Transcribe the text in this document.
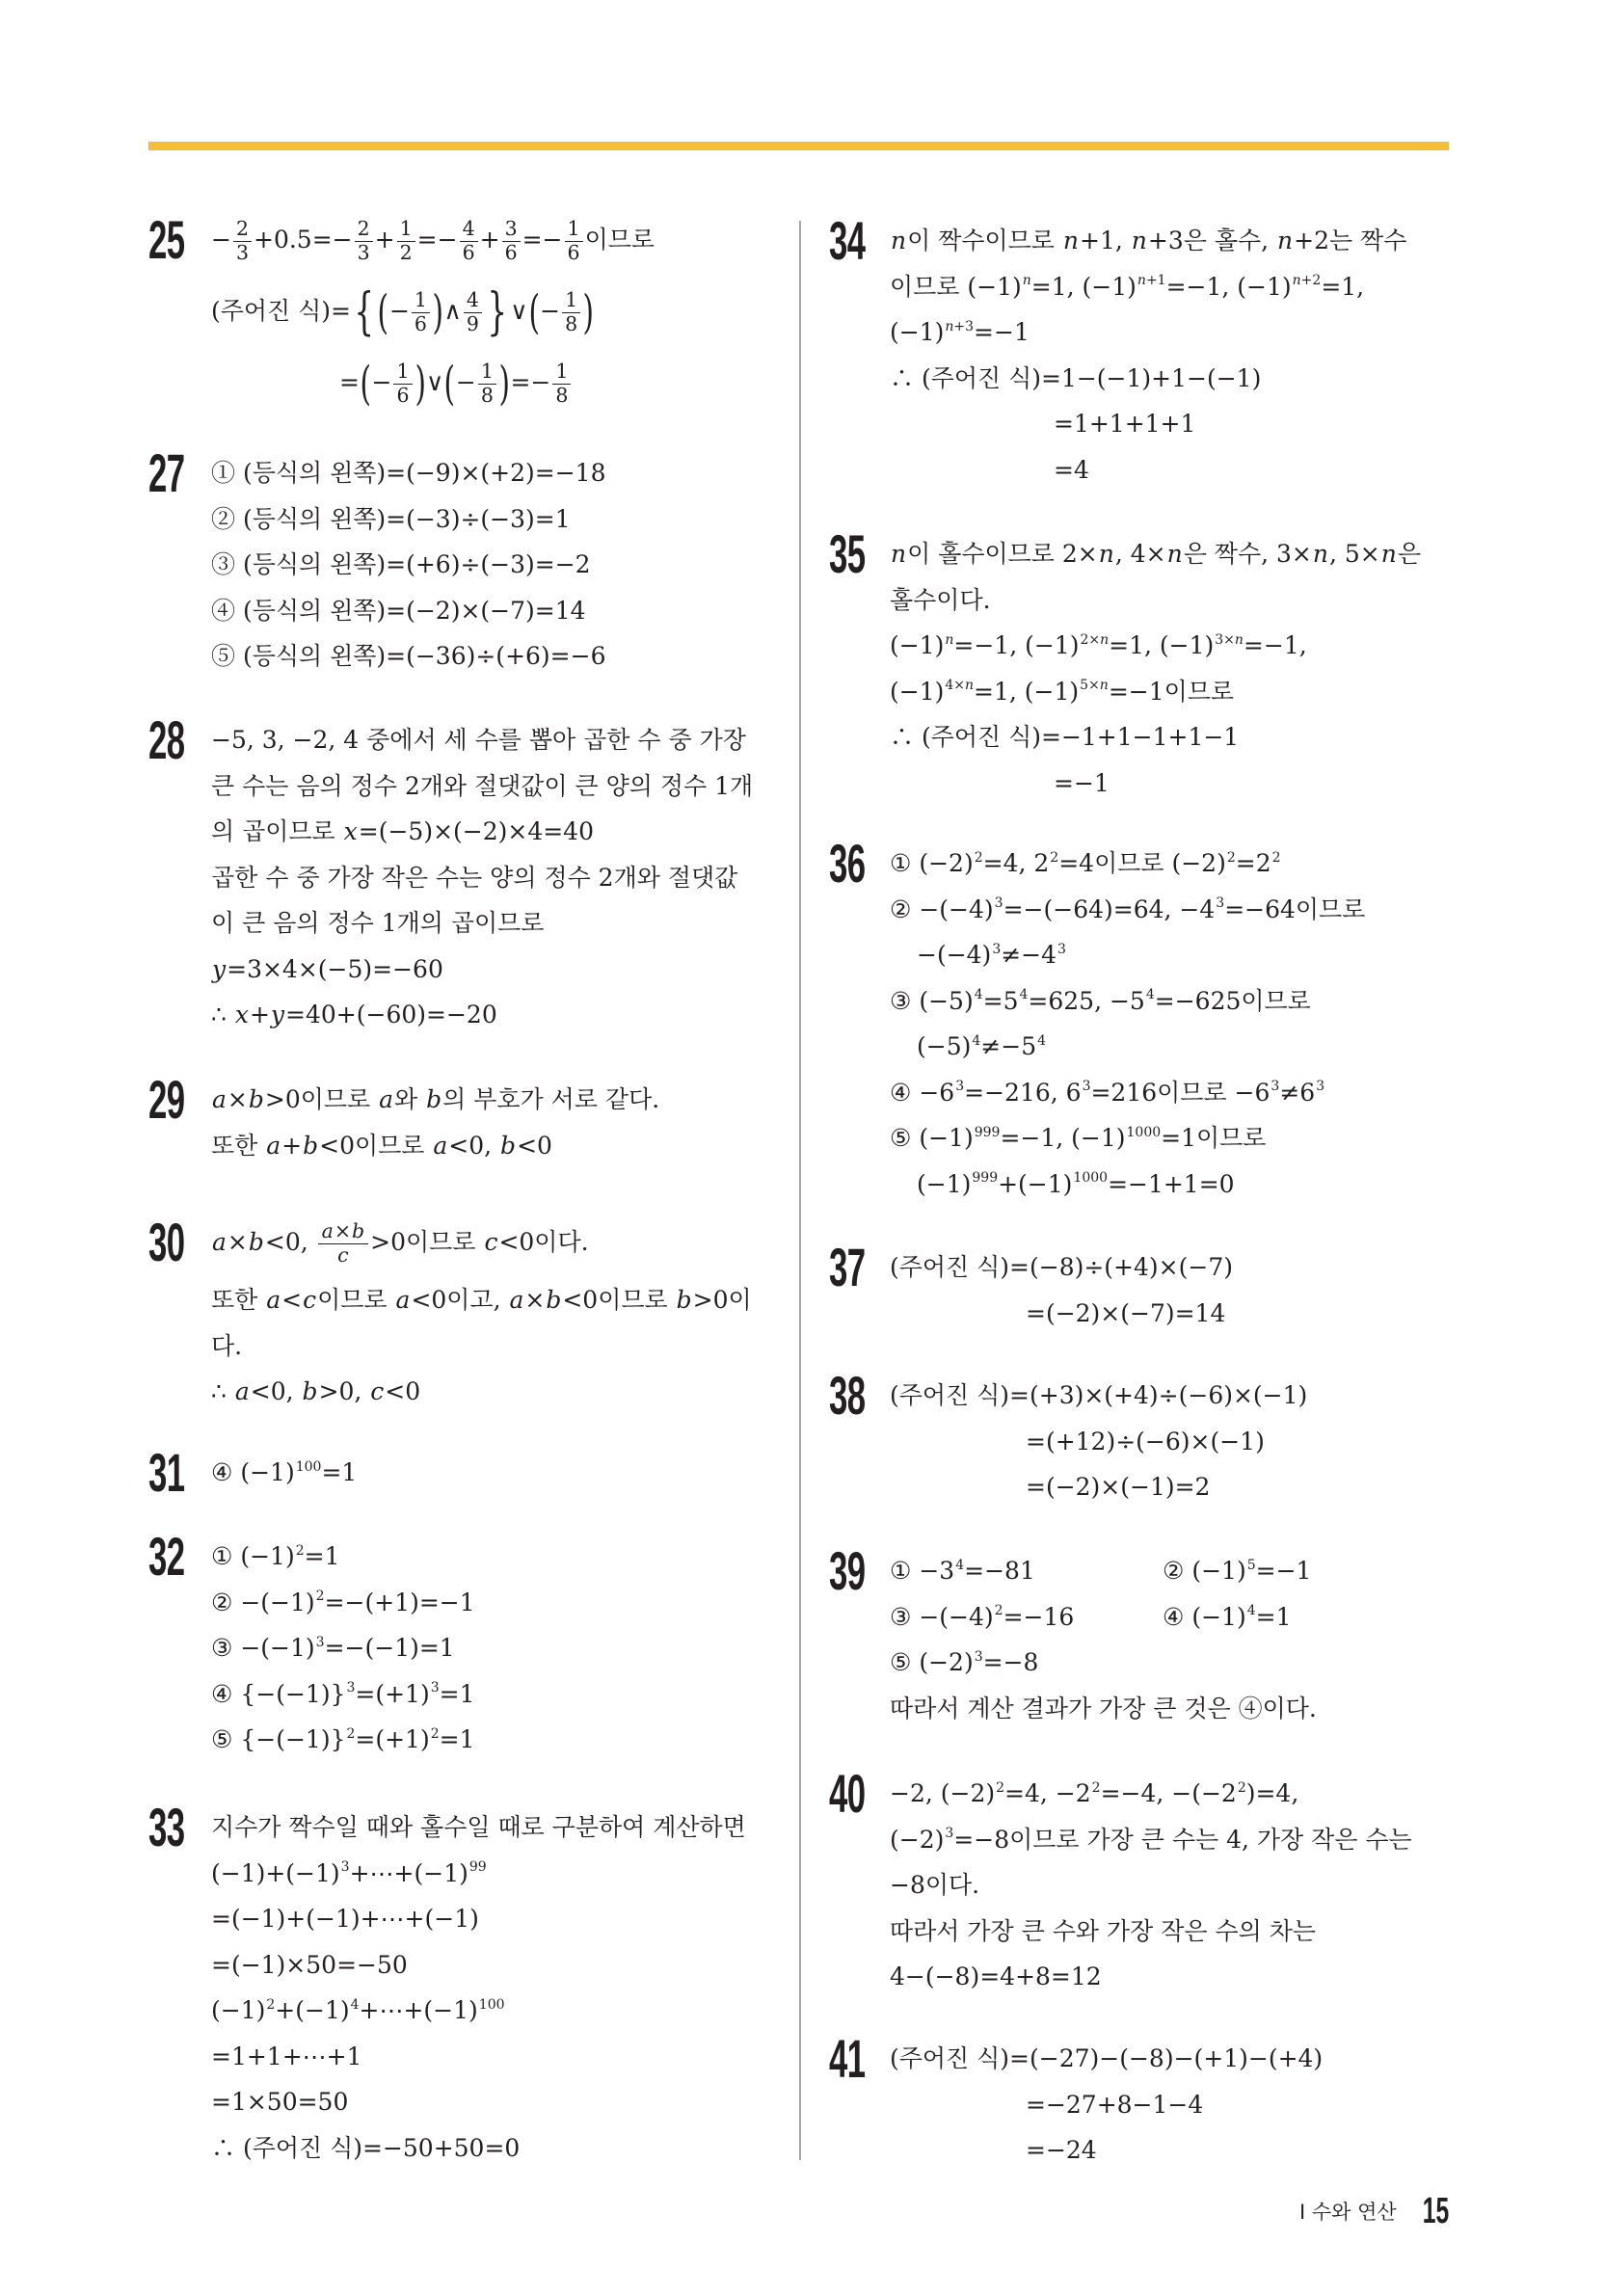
$25 - \frac{2}{3} +0.5=- \frac{2}{3} + \frac{1}{2} =- \frac{4}{6} + \frac{3}{6} =- \frac{1}{6}$ 이므로
(주어진 식)={(− $\frac{1}{6}$ )∧ $\frac{4}{9}$ } ∨(− $\frac{1}{8}$ )
=(− $\frac{1}{6}$ )∨(− $\frac{1}{8}$ )=− $\frac{1}{8}$
27 ① (등식의 왼쪽)=(−9)×(+2)=−18
② (등식의 왼쪽)=(−3)÷(−3)=1
③ (등식의 왼쪽)=(+6)÷(−3)=−2
④ (등식의 왼쪽)=(−2)×(−7)=14
⑤ (등식의 왼쪽)=(−36)÷(+6)=−6
28 −5, 3, −2, 4 중에서 세 수를 뽑아 곱한 수 중 가장
큰 수는 음의 정수 2개와 절댓값이 큰 양의 정수 1개
의 곱이므로 x=(−5)×(−2)×4=40
곱한 수 중 가장 작은 수는 양의 정수 2개와 절댓값
이 큰 음의 정수 1개의 곱이므로
y=3×4×(−5)=−60
∴ x+y=40+(−60)=−20
29 a×b>0이므로 a와 b의 부호가 서로 같다.
또한 a+b<0이므로 a<0, b<0
30 a×b<0, $\frac{a\times b}{c} >0$이므로 c<0이다.
또한 a<c이므로 a<0이고, a×b<0이므로 b>0이
다.
∴ a<0, b>0, c<0
31 ④ $(-1)^{100}=1$
32 ① $(-1)^2=1$
② $-(-1)^2=-(+1)=-1$
③ $-(-1)^3=-(-1)=1$
④ $\{-(-1)\}^3=(+1)^3=1$
⑤ $\{-(-1)\}^2=(+1)^2=1$
33 지수가 짝수일 때와 홀수일 때로 구분하여 계산하면
$(-1)+(-1)^3+\cdots+(-1)^{99}$
=(−1)+(−1)+⋯+(−1)
=(−1)×50=−50
$(-1)^2+(-1)^4+\cdots+(-1)^{100}$
=1+1+⋯+1
=1×50=50
∴ (주어진 식)=−50+50=0
34 n이 짝수이므로 n+1, n+3은 홀수, n+2는 짝수
이므로 $(-1)^n=1$, $(-1)^{n+1}=-1$, $(-1)^{n+2}=1$,
$(-1)^{n+3}=-1$
∴ (주어진 식)=1−(−1)+1−(−1)
=1+1+1+1
=4
35 n이 홀수이므로 2×n, 4×n은 짝수, 3×n, 5×n은
홀수이다.
$(-1)^n=-1$, $(-1)^{2\times n}=1$, $(-1)^{3\times n}=-1$,
$(-1)^{4\times n}=1$, $(-1)^{5\times n}=-1$이므로
∴ (주어진 식)=−1+1−1+1−1
=−1
36 ① $(-2)^2=4$, $2^2=4$이므로 $(-2)^2=2^2$
② $-(-4)^3=-(-64)=64$, $-4^3=-64$이므로
$-(-4)^3\ne-4^3$
③ $(-5)^4=5^4=625$, $-5^4=-625$이므로
$(-5)^4\ne-5^4$
④ $-6^3=-216$, $6^3=216$이므로 $-6^3\ne 6^3$
⑤ $(-1)^{999}=-1$, $(-1)^{1000}=1$이므로
$(-1)^{999}+(-1)^{1000}=-1+1=0$
37 (주어진 식)=(−8)÷(+4)×(−7)
=(−2)×(−7)=14
38 (주어진 식)=(+3)×(+4)÷(−6)×(−1)
=(+12)÷(−6)×(−1)
=(−2)×(−1)=2
39 ① $-3^4=-81$	② $(-1)^5=-1$
③ $-(-4)^2=-16$	④ $(-1)^4=1$
⑤ $(-2)^3=-8$
따라서 계산 결과가 가장 큰 것은 ④이다.
40 −2, $(-2)^2=4$, $-2^2=-4$, $-(-2^2)=4$,
$(-2)^3=-8$이므로 가장 큰 수는 4, 가장 작은 수는
−8이다.
따라서 가장 큰 수와 가장 작은 수의 차는
4−(−8)=4+8=12
41 (주어진 식)=(−27)−(−8)−(+1)−(+4)
=−27+8−1−4
=−24
Ⅰ 수와 연산 15
